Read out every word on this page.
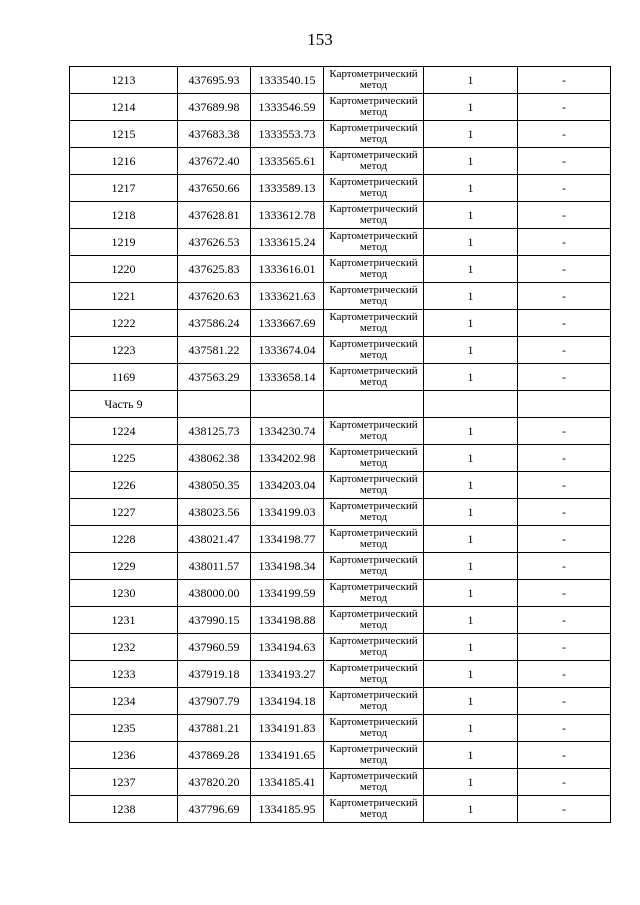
153
1213	437695.93	1333540.15	Картометрический метод	1	-
1214	437689.98	1333546.59	Картометрический метод	1	-
1215	437683.38	1333553.73	Картометрический метод	1	-
1216	437672.40	1333565.61	Картометрический метод	1	-
1217	437650.66	1333589.13	Картометрический метод	1	-
1218	437628.81	1333612.78	Картометрический метод	1	-
1219	437626.53	1333615.24	Картометрический метод	1	-
1220	437625.83	1333616.01	Картометрический метод	1	-
1221	437620.63	1333621.63	Картометрический метод	1	-
1222	437586.24	1333667.69	Картометрический метод	1	-
1223	437581.22	1333674.04	Картометрический метод	1	-
1169	437563.29	1333658.14	Картометрический метод	1	-
Часть 9					
1224	438125.73	1334230.74	Картометрический метод	1	-
1225	438062.38	1334202.98	Картометрический метод	1	-
1226	438050.35	1334203.04	Картометрический метод	1	-
1227	438023.56	1334199.03	Картометрический метод	1	-
1228	438021.47	1334198.77	Картометрический метод	1	-
1229	438011.57	1334198.34	Картометрический метод	1	-
1230	438000.00	1334199.59	Картометрический метод	1	-
1231	437990.15	1334198.88	Картометрический метод	1	-
1232	437960.59	1334194.63	Картометрический метод	1	-
1233	437919.18	1334193.27	Картометрический метод	1	-
1234	437907.79	1334194.18	Картометрический метод	1	-
1235	437881.21	1334191.83	Картометрический метод	1	-
1236	437869.28	1334191.65	Картометрический метод	1	-
1237	437820.20	1334185.41	Картометрический метод	1	-
1238	437796.69	1334185.95	Картометрический метод	1	-
